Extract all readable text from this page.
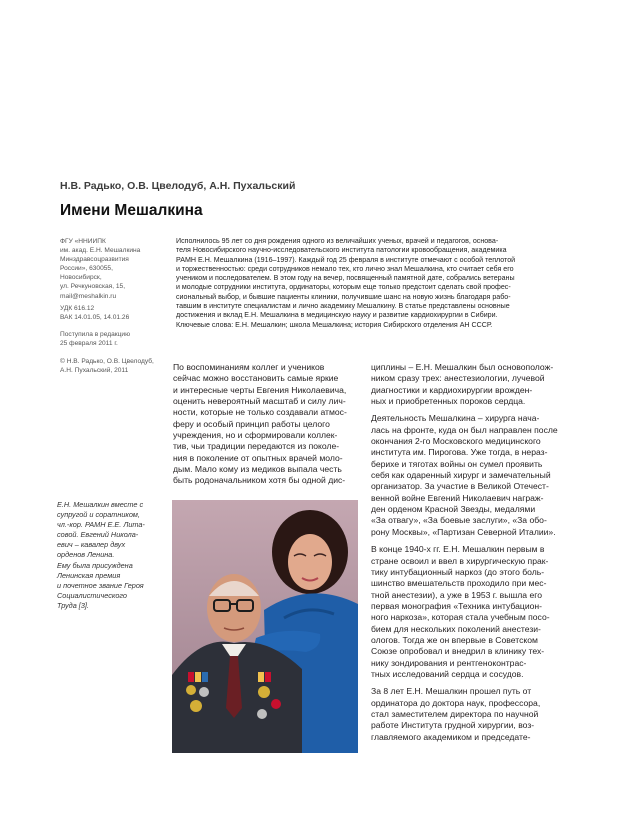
Н.В. Радько, О.В. Цвелодуб, А.Н. Пухальский
Имени Мешалкина
ФГУ «ННИИПК
им. акад. Е.Н. Мешалкина
Минздравсоцразвития
России», 630055,
Новосибирск,
ул. Речкуновская, 15,
mail@meshalkin.ru
УДК 616.12
ВАК 14.01.05, 14.01.26
Поступила в редакцию
25 февраля 2011 г.
© Н.В. Радько, О.В. Цвелодуб,
А.Н. Пухальский, 2011
Исполнилось 95 лет со дня рождения одного из величайших ученых, врачей и педагогов, основа-
теля Новосибирского научно-исследовательского института патологии кровообращения, академика
РАМН Е.Н. Мешалкина (1916–1997). Каждый год 25 февраля в институте отмечают с особой теплотой
и торжественностью: среди сотрудников немало тех, кто лично знал Мешалкина, кто считает себя его
учеником и последователем. В этом году на вечер, посвященный памятной дате, собрались ветераны
и молодые сотрудники института, ординаторы, которым еще только предстоит сделать свой профес-
сиональный выбор, и бывшие пациенты клиники, получившие шанс на новую жизнь благодаря рабо-
тавшим в институте специалистам и лично академику Мешалкину. В статье представлены основные
достижения и вклад Е.Н. Мешалкина в медицинскую науку и развитие кардиохирургии в Сибири.
Ключевые слова: Е.Н. Мешалкин; школа Мешалкина; история Сибирского отделения АН СССР.
По воспоминаниям коллег и учеников
сейчас можно восстановить самые яркие
и интересные черты Евгения Николаевича,
оценить невероятный масштаб и силу лич-
ности, которые не только создавали атмос-
феру и особый принцип работы целого
учреждения, но и сформировали коллек-
тив, чьи традиции передаются из поколе-
ния в поколение от опытных врачей моло-
дым. Мало кому из медиков выпала честь
быть родоначальником хотя бы одной дис-
циплины – Е.Н. Мешалкин был основополож-
ником сразу трех: анестезиологии, лучевой
диагностики и кардиохирургии врожден-
ных и приобретенных пороков сердца.
Деятельность Мешалкина – хирурга нача-
лась на фронте, куда он был направлен после
окончания 2-го Московского медицинского
института им. Пирогова. Уже тогда, в нераз-
берихе и тяготах войны он сумел проявить
себя как одаренный хирург и замечательный
организатор. За участие в Великой Отечест-
венной войне Евгений Николаевич награж-
ден орденом Красной Звезды, медалями
«За отвагу», «За боевые заслуги», «За обо-
рону Москвы», «Партизан Северной Италии».
В конце 1940-х гг. Е.Н. Мешалкин первым в
стране освоил и ввел в хирургическую прак-
тику интубационный наркоз (до этого боль-
шинство вмешательств проходило при мес-
тной анестезии), а уже в 1953 г. вышла его
первая монография «Техника интубацион-
ного наркоза», которая стала учебным посо-
бием для нескольких поколений анестези-
ологов. Тогда же он впервые в Советском
Союзе опробовал и внедрил в клинику тех-
нику зондирования и рентгеноконтрас-
тных исследований сердца и сосудов.
За 8 лет Е.Н. Мешалкин прошел путь от
ординатора до доктора наук, профессора,
стал заместителем директора по научной
работе Института грудной хирургии, воз-
главляемого академиком и председате-
Е.Н. Мешалкин вместе с
супругой и соратником,
чл.-кор. РАМН Е.Е. Лита-
совой. Евгений Никола-
евич – кавалер двух
орденов Ленина.
Ему была присуждена
Ленинская премия
и почетное звание Героя
Социалистического
Труда [3].
